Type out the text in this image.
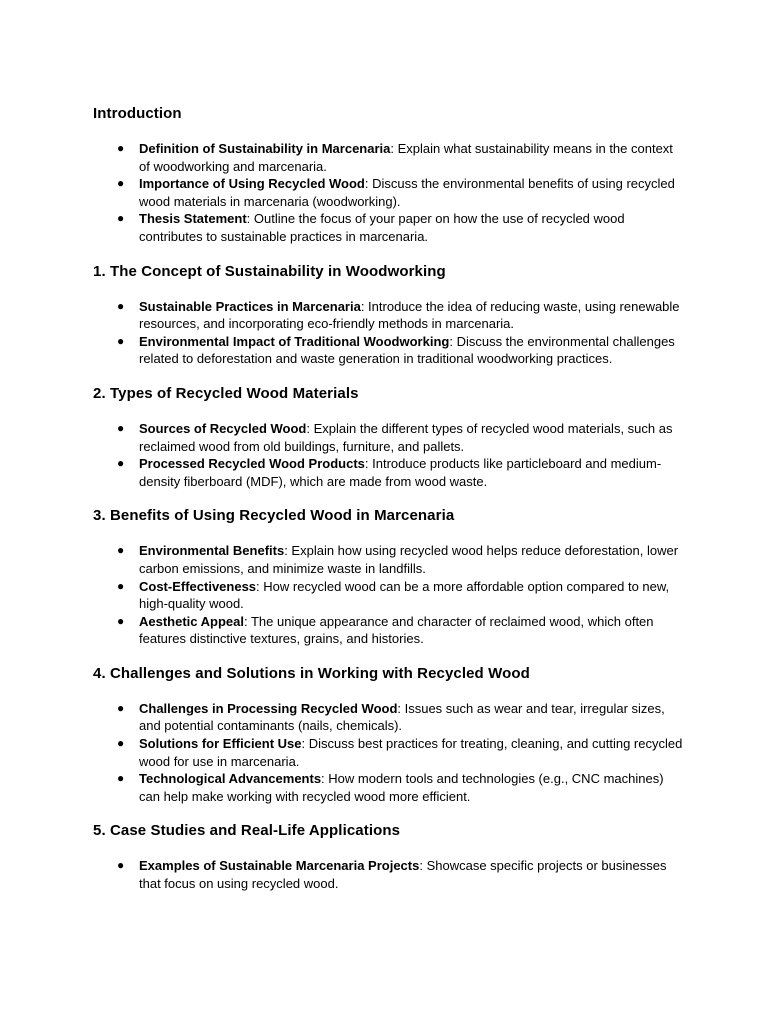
Introduction
● Definition of Sustainability in Marcenaria: Explain what sustainability means in the context of woodworking and marcenaria.
● Importance of Using Recycled Wood: Discuss the environmental benefits of using recycled wood materials in marcenaria (woodworking).
● Thesis Statement: Outline the focus of your paper on how the use of recycled wood contributes to sustainable practices in marcenaria.
1. The Concept of Sustainability in Woodworking
● Sustainable Practices in Marcenaria: Introduce the idea of reducing waste, using renewable resources, and incorporating eco-friendly methods in marcenaria.
● Environmental Impact of Traditional Woodworking: Discuss the environmental challenges related to deforestation and waste generation in traditional woodworking practices.
2. Types of Recycled Wood Materials
● Sources of Recycled Wood: Explain the different types of recycled wood materials, such as reclaimed wood from old buildings, furniture, and pallets.
● Processed Recycled Wood Products: Introduce products like particleboard and medium-density fiberboard (MDF), which are made from wood waste.
3. Benefits of Using Recycled Wood in Marcenaria
● Environmental Benefits: Explain how using recycled wood helps reduce deforestation, lower carbon emissions, and minimize waste in landfills.
● Cost-Effectiveness: How recycled wood can be a more affordable option compared to new, high-quality wood.
● Aesthetic Appeal: The unique appearance and character of reclaimed wood, which often features distinctive textures, grains, and histories.
4. Challenges and Solutions in Working with Recycled Wood
● Challenges in Processing Recycled Wood: Issues such as wear and tear, irregular sizes, and potential contaminants (nails, chemicals).
● Solutions for Efficient Use: Discuss best practices for treating, cleaning, and cutting recycled wood for use in marcenaria.
● Technological Advancements: How modern tools and technologies (e.g., CNC machines) can help make working with recycled wood more efficient.
5. Case Studies and Real-Life Applications
● Examples of Sustainable Marcenaria Projects: Showcase specific projects or businesses that focus on using recycled wood.
